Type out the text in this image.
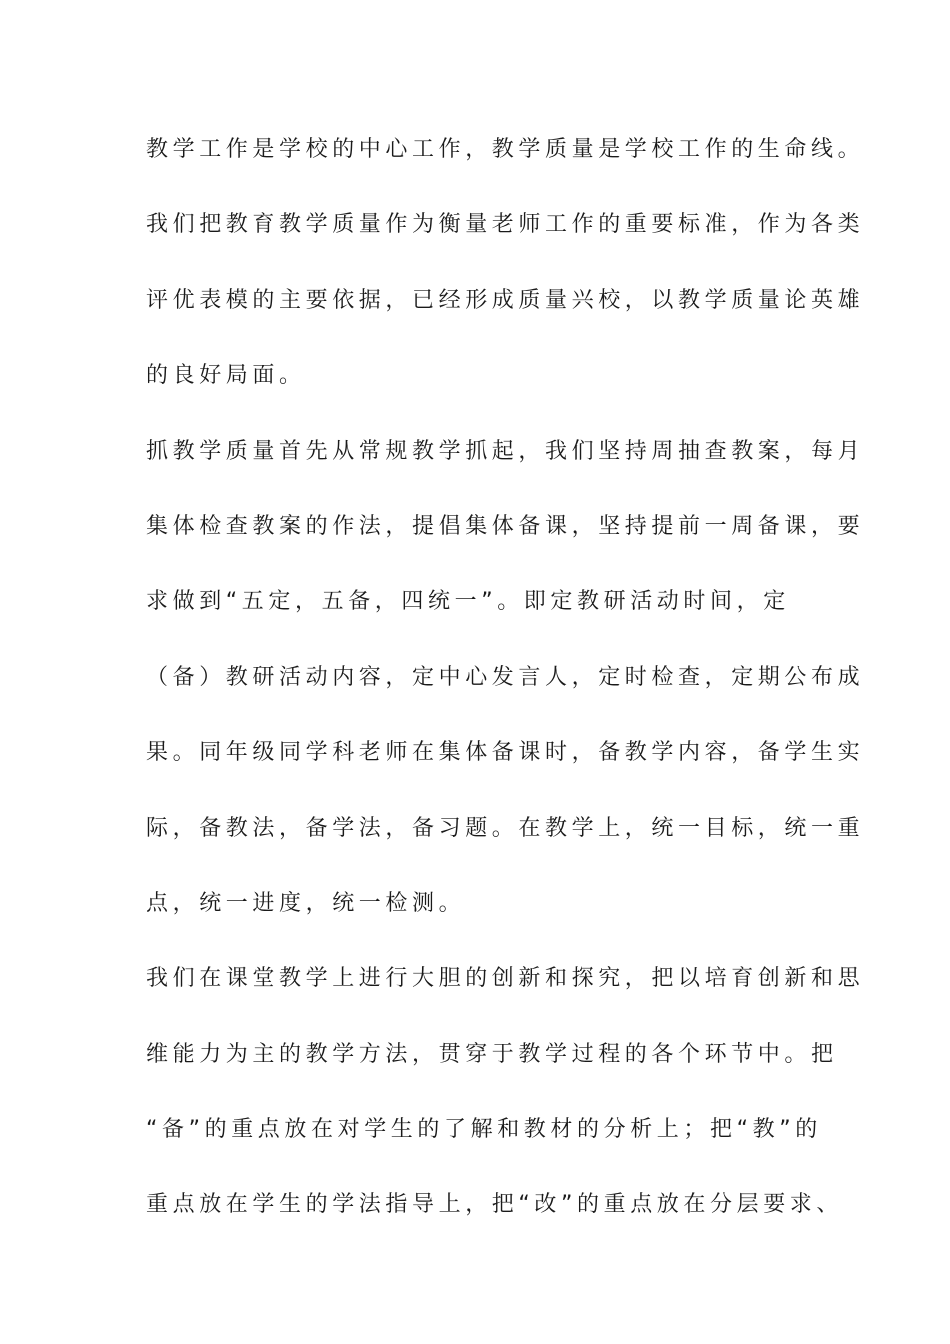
教学工作是学校的中心工作，教学质量是学校工作的生命线。
我们把教育教学质量作为衡量老师工作的重要标准，作为各类
评优表模的主要依据，已经形成质量兴校，以教学质量论英雄
的良好局面。
抓教学质量首先从常规教学抓起，我们坚持周抽查教案，每月
集体检查教案的作法，提倡集体备课，坚持提前一周备课，要
求做到“五定，五备，四统一”。即定教研活动时间，定
（备）教研活动内容，定中心发言人，定时检查，定期公布成
果。同年级同学科老师在集体备课时，备教学内容，备学生实
际，备教法，备学法，备习题。在教学上，统一目标，统一重
点，统一进度，统一检测。
我们在课堂教学上进行大胆的创新和探究，把以培育创新和思
维能力为主的教学方法，贯穿于教学过程的各个环节中。把
“备”的重点放在对学生的了解和教材的分析上；把“教”的
重点放在学生的学法指导上，把“改”的重点放在分层要求、
